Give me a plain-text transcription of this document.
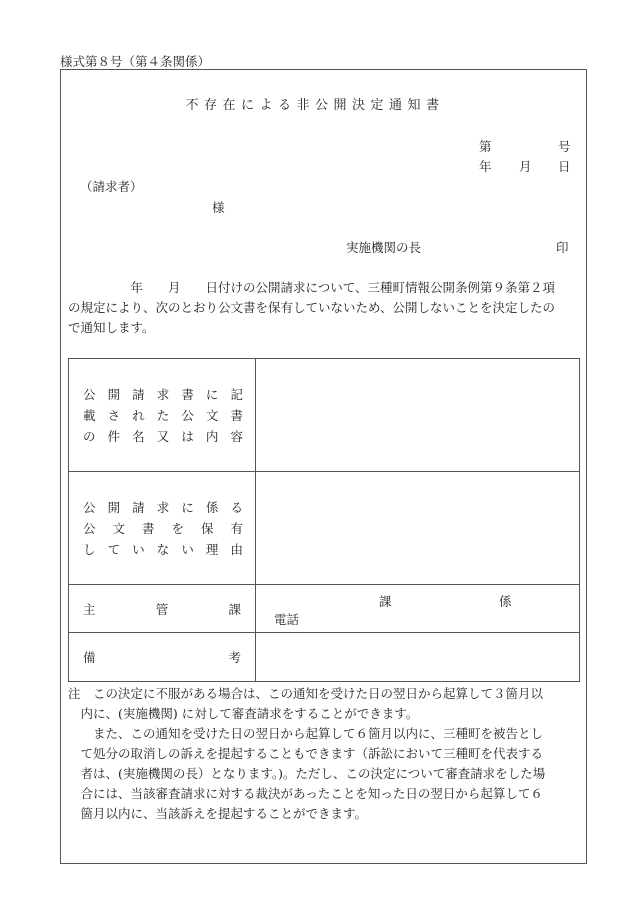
様式第８号（第４条関係）
不存在による非公開決定通知書
第	号
年 月 日
（請求者）
様
実施機関の長	印
　　　　　年　　月　　日付けの公開請求について、三種町情報公開条例第９条第２項
の規定により、次のとおり公文書を保有していないため、公開しないことを決定したの
で通知します。
公開請求書に記
載された公文書
の件名又は内容	

公開請求に係る
公文書を保有
していない理由	

主管課	課 係
電話

備考	
注　この決定に不服がある場合は、この通知を受けた日の翌日から起算して３箇月以
　内に、(実施機関) に対して審査請求をすることができます。
　　また、この通知を受けた日の翌日から起算して６箇月以内に、三種町を被告とし
　て処分の取消しの訴えを提起することもできます（訴訟において三種町を代表する
　者は、(実施機関の長）となります。)。ただし、この決定について審査請求をした場
　合には、当該審査請求に対する裁決があったことを知った日の翌日から起算して６
　箇月以内に、当該訴えを提起することができます。
